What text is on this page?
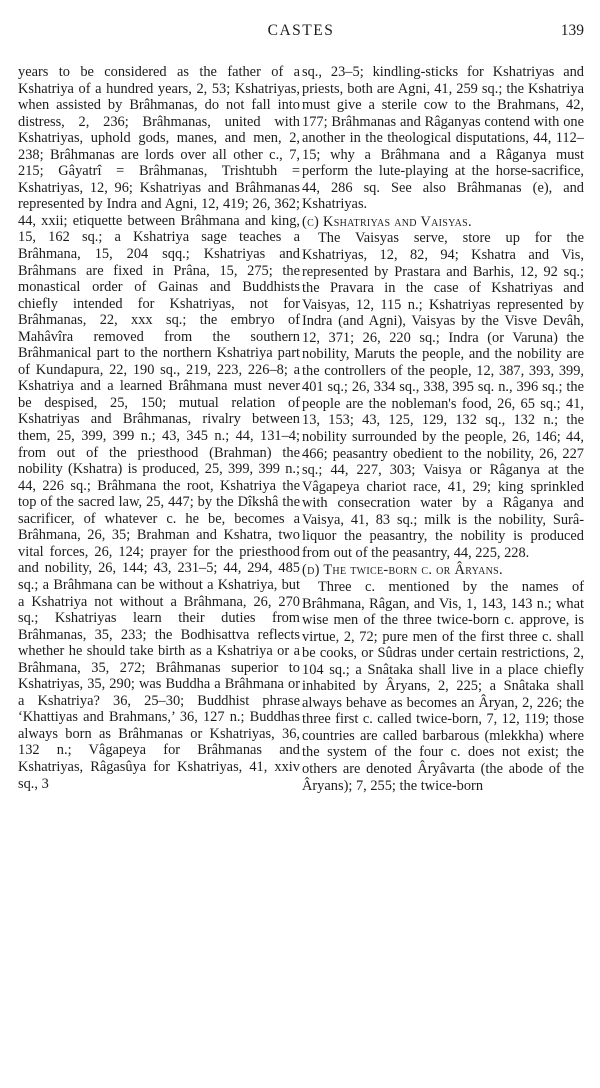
CASTES	139

years to be considered as the father of a Kshatriya of a hundred years, 2, 53; Kshatriyas, when assisted by Brâhmanas, do not fall into distress, 2, 236; Brâhmanas, united with Kshatriyas, uphold gods, manes, and men, 2, 238; Brâhmanas are lords over all other c., 7, 215; Gâyatrî = Brâhmanas, Trishtubh = Kshatriyas, 12, 96; Kshatriyas and Brâhmanas represented by Indra and Agni, 12, 419; 26, 362; 44, xxii; etiquette between Brâhmana and king, 15, 162 sq.; a Kshatriya sage teaches a Brâhmana, 15, 204 sqq.; Kshatriyas and Brâhmans are fixed in Prâna, 15, 275; the monastical order of Gainas and Buddhists chiefly intended for Kshatriyas, not for Brâhmanas, 22, xxx sq.; the embryo of Mahâvîra removed from the southern Brâhmanical part to the northern Kshatriya part of Kundapura, 22, 190 sq., 219, 223, 226–8; a Kshatriya and a learned Brâhmana must never be despised, 25, 150; mutual relation of Kshatriyas and Brâhmanas, rivalry between them, 25, 399, 399 n.; 43, 345 n.; 44, 131–4; from out of the priesthood (Brahman) the nobility (Kshatra) is produced, 25, 399, 399 n.; 44, 226 sq.; Brâhmana the root, Kshatriya the top of the sacred law, 25, 447; by the Dîkshâ the sacrificer, of whatever c. he be, becomes a Brâhmana, 26, 35; Brahman and Kshatra, two vital forces, 26, 124; prayer for the priesthood and nobility, 26, 144; 43, 231–5; 44, 294, 485 sq.; a Brâhmana can be without a Kshatriya, but a Kshatriya not without a Brâhmana, 26, 270 sq.; Kshatriyas learn their duties from Brâhmanas, 35, 233; the Bodhisattva reflects whether he should take birth as a Kshatriya or a Brâhmana, 35, 272; Brâhmanas superior to Kshatriyas, 35, 290; was Buddha a Brâhmana or a Kshatriya? 36, 25–30; Buddhist phrase ‘Khattiyas and Brahmans,’ 36, 127 n.; Buddhas always born as Brâhmanas or Kshatriyas, 36, 132 n.; Vâgapeya for Brâhmanas and Kshatriyas, Râgasûya for Kshatriyas, 41, xxiv sq., 3

sq., 23–5; kindling-sticks for Kshatriyas and priests, both are Agni, 41, 259 sq.; the Kshatriya must give a sterile cow to the Brahmans, 42, 177; Brâhmanas and Râganyas contend with one another in the theological disputations, 44, 112–15; why a Brâhmana and a Râganya must perform the lute-playing at the horse-sacrifice, 44, 286 sq. See also Brâhmanas (e), and Kshatriyas.

(c) Kshatriyas and Vaisyas.

The Vaisyas serve, store up for the Kshatriyas, 12, 82, 94; Kshatra and Vis, represented by Prastara and Barhis, 12, 92 sq.; the Pravara in the case of Kshatriyas and Vaisyas, 12, 115 n.; Kshatriyas represented by Indra (and Agni), Vaisyas by the Visve Devâh, 12, 371; 26, 220 sq.; Indra (or Varuna) the nobility, Maruts the people, and the nobility are the controllers of the people, 12, 387, 393, 399, 401 sq.; 26, 334 sq., 338, 395 sq. n., 396 sq.; the people are the nobleman's food, 26, 65 sq.; 41, 13, 153; 43, 125, 129, 132 sq., 132 n.; the nobility surrounded by the people, 26, 146; 44, 466; peasantry obedient to the nobility, 26, 227 sq.; 44, 227, 303; Vaisya or Râganya at the Vâgapeya chariot race, 41, 29; king sprinkled with consecration water by a Râganya and Vaisya, 41, 83 sq.; milk is the nobility, Surâ-liquor the peasantry, the nobility is produced from out of the peasantry, 44, 225, 228.

(d) The twice-born c. or Âryans.

Three c. mentioned by the names of Brâhmana, Râgan, and Vis, 1, 143, 143 n.; what wise men of the three twice-born c. approve, is virtue, 2, 72; pure men of the first three c. shall be cooks, or Sûdras under certain restrictions, 2, 104 sq.; a Snâtaka shall live in a place chiefly inhabited by Âryans, 2, 225; a Snâtaka shall always behave as becomes an Âryan, 2, 226; the three first c. called twice-born, 7, 12, 119; those countries are called barbarous (mlekkha) where the system of the four c. does not exist; the others are denoted Âryâvarta (the abode of the Âryans); 7, 255; the twice-born
